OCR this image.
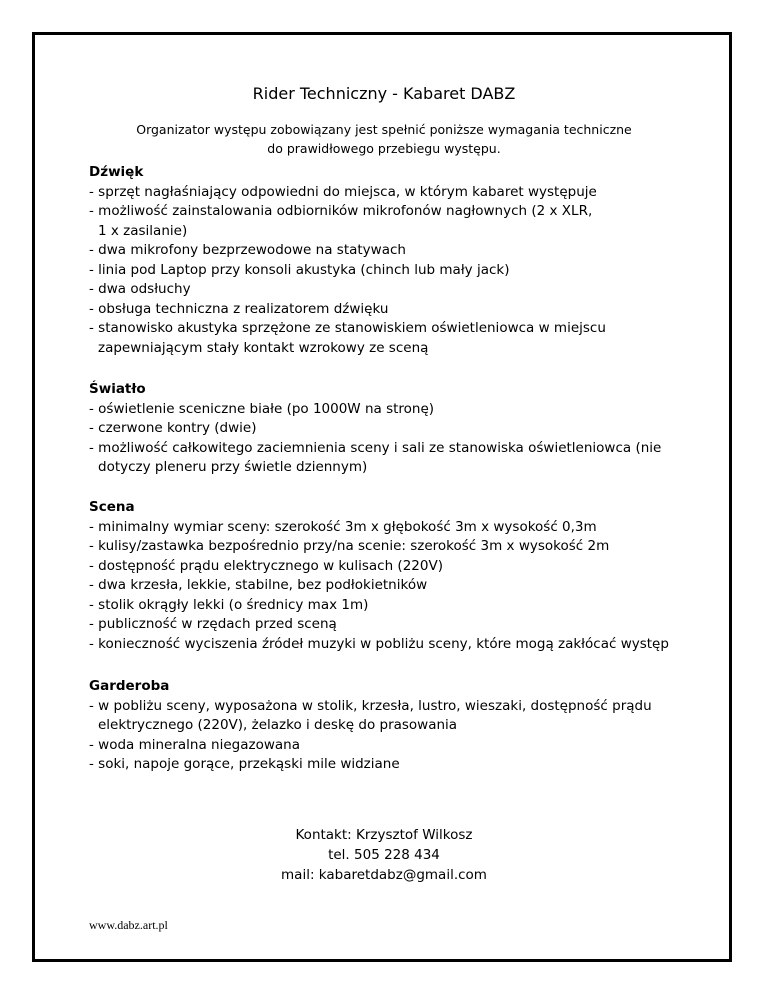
Rider Techniczny - Kabaret DABZ
Organizator występu zobowiązany jest spełnić poniższe wymagania techniczne
do prawidłowego przebiegu występu.
Dźwięk
- sprzęt nagłaśniający odpowiedni do miejsca, w którym kabaret występuje
- możliwość zainstalowania odbiorników mikrofonów nagłownych (2 x XLR,
1 x zasilanie)
- dwa mikrofony bezprzewodowe na statywach
- linia pod Laptop przy konsoli akustyka (chinch lub mały jack)
- dwa odsłuchy
- obsługa techniczna z realizatorem dźwięku
- stanowisko akustyka sprzężone ze stanowiskiem oświetleniowca w miejscu
zapewniającym stały kontakt wzrokowy ze sceną
Światło
- oświetlenie sceniczne białe (po 1000W na stronę)
- czerwone kontry (dwie)
- możliwość całkowitego zaciemnienia sceny i sali ze stanowiska oświetleniowca (nie
dotyczy pleneru przy świetle dziennym)
Scena
- minimalny wymiar sceny: szerokość 3m x głębokość 3m x wysokość 0,3m
- kulisy/zastawka bezpośrednio przy/na scenie: szerokość 3m x wysokość 2m
- dostępność prądu elektrycznego w kulisach (220V)
- dwa krzesła, lekkie, stabilne, bez podłokietników
- stolik okrągły lekki (o średnicy max 1m)
- publiczność w rzędach przed sceną
- konieczność wyciszenia źródeł muzyki w pobliżu sceny, które mogą zakłócać występ
Garderoba
- w pobliżu sceny, wyposażona w stolik, krzesła, lustro, wieszaki, dostępność prądu
elektrycznego (220V), żelazko i deskę do prasowania
- woda mineralna niegazowana
- soki, napoje gorące, przekąski mile widziane
Kontakt: Krzysztof Wilkosz
tel. 505 228 434
mail: kabaretdabz@gmail.com
www.dabz.art.pl
